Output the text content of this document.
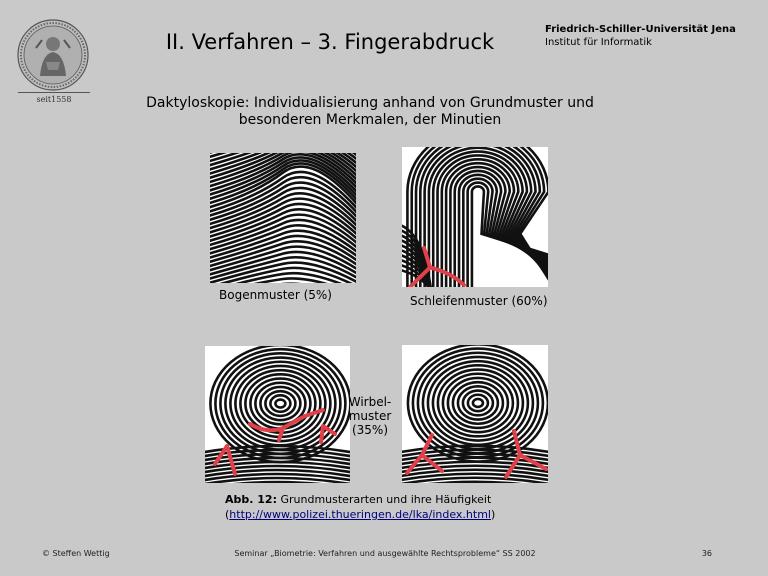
seit1558
II. Verfahren – 3. Fingerabdruck
Friedrich-Schiller-Universität Jena
Institut für Informatik
Daktyloskopie: Individualisierung anhand von Grundmuster und
besonderen Merkmalen, der Minutien
Bogenmuster (5%)	Schleifenmuster (60%)
Wirbel-
muster
(35%)
Abb. 12: Grundmusterarten und ihre Häufigkeit
(http://www.polizei.thueringen.de/lka/index.html)
© Steffen Wettig	Seminar „Biometrie: Verfahren und ausgewählte Rechtsprobleme“ SS 2002	36
